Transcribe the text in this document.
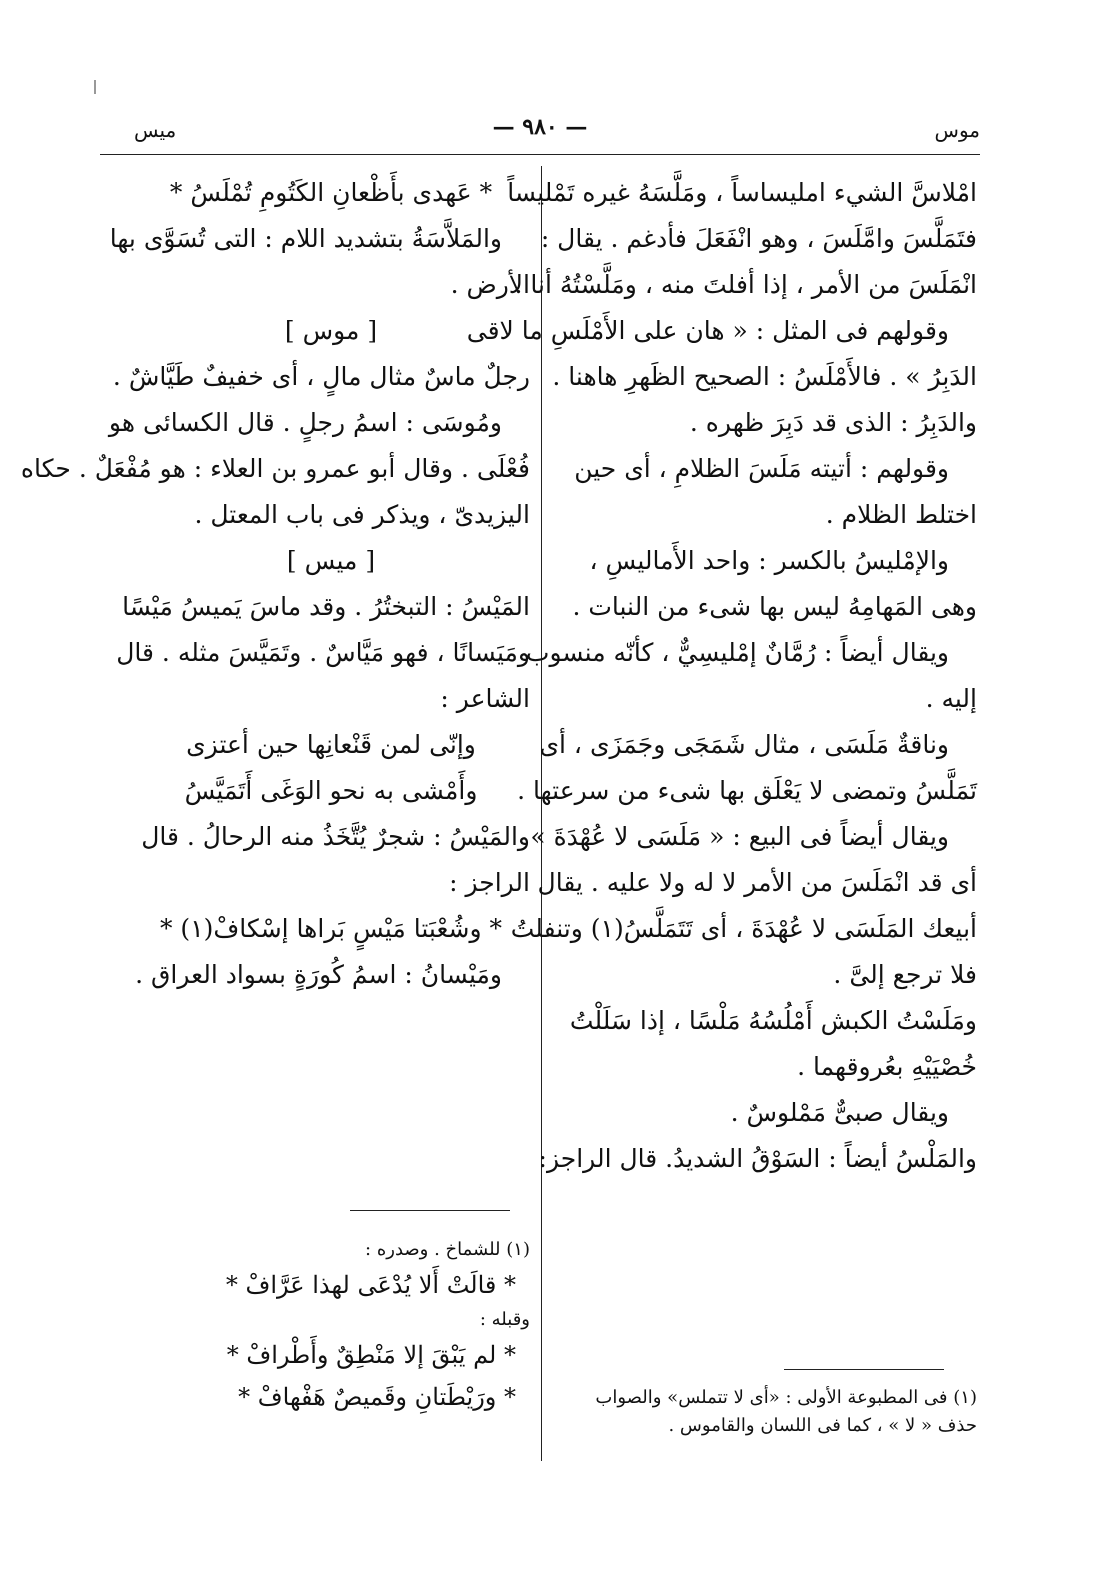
موس
— ٩٨٠ —
ميس
امْلاسَّ الشيء امليساساً ، ومَلَّسَهُ غيره تَمْليساً
فتَمَلَّسَ وامَّلَسَ ، وهو انْفَعَلَ فأدغم . يقال :
انْمَلَسَ من الأمر ، إذا أفلتَ منه ، ومَلَّسْتُهُ أنا .
وقولهم فى المثل : « هان على الأَمْلَسِ ما لاقى
الدَبِرُ » . فالأَمْلَسُ : الصحيح الظَهرِ هاهنا .
والدَبِرُ : الذى قد دَبِرَ ظهره .
وقولهم : أتيته مَلَسَ الظلامِ ، أى حين
اختلط الظلام .
والإمْليسُ بالكسر : واحد الأَماليسِ ،
وهى المَهامِهُ ليس بها شىء من النبات .
ويقال أيضاً : رُمَّانٌ إمْليسِيٌّ ، كأنّه منسوب
إليه .
وناقةٌ مَلَسَى ، مثال شَمَجَى وجَمَزَى ، أى
تَمَلَّسُ وتمضى لا يَعْلَق بها شىء من سرعتها .
ويقال أيضاً فى البيع : « مَلَسَى لا عُهْدَةَ »
أى قد انْمَلَسَ من الأمر لا له ولا عليه . يقال
أبيعك المَلَسَى لا عُهْدَةَ ، أى تَتَمَلَّسُ(١) وتنفلتُ
فلا ترجع إلىَّ .
ومَلَسْتُ الكبش أَمْلُسُهُ مَلْسًا ، إذا سَلَلْتُ
خُصْيَيْهِ بعُروقهما .
ويقال صبىٌّ مَمْلوسٌ .
والمَلْسُ أيضاً : السَوْقُ الشديدُ. قال الراجز:
(١) فى المطبوعة الأولى : «أى لا تتملس» والصواب
حذف « لا » ، كما فى اللسان والقاموس .
* عَهدى بأَظْعانِ الكَتُومِ تُمْلَسُ *
والمَلاَّسَةُ بتشديد اللام : التى تُسَوَّى بها
الأرض .
[ موس ]
رجلٌ ماسٌ مثال مالٍ ، أى خفيفٌ طَيَّاشٌ .
ومُوسَى : اسمُ رجلٍ . قال الكسائى هو
فُعْلَى . وقال أبو عمرو بن العلاء : هو مُفْعَلٌ . حكاه
اليزيدىّ ، ويذكر فى باب المعتل .
[ ميس ]
المَيْسُ : التبختُرُ . وقد ماسَ يَميسُ مَيْسًا
ومَيَسانًا ، فهو مَيَّاسٌ . وتَمَيَّسَ مثله . قال
الشاعر :
وإنّى لمن قَنْعانِها حين أعتزى
وأَمْشى به نحو الوَغَى أَتَمَيَّسُ
والمَيْسُ : شجرٌ يُتَّخَذُ منه الرحالُ . قال
الراجز :
* وشُعْبَتا مَيْسٍ بَراها إسْكافْ(١) *
ومَيْسانُ : اسمُ كُورَةٍ بسواد العراق .
(١) للشماخ . وصدره :
* قالَتْ أَلا يُدْعَى لهذا عَرَّافْ *
وقبله :
* لم يَبْقَ إلا مَنْطِقٌ وأَطْرافْ *
* ورَيْطَتانِ وقَميصٌ هَفْهافْ *
